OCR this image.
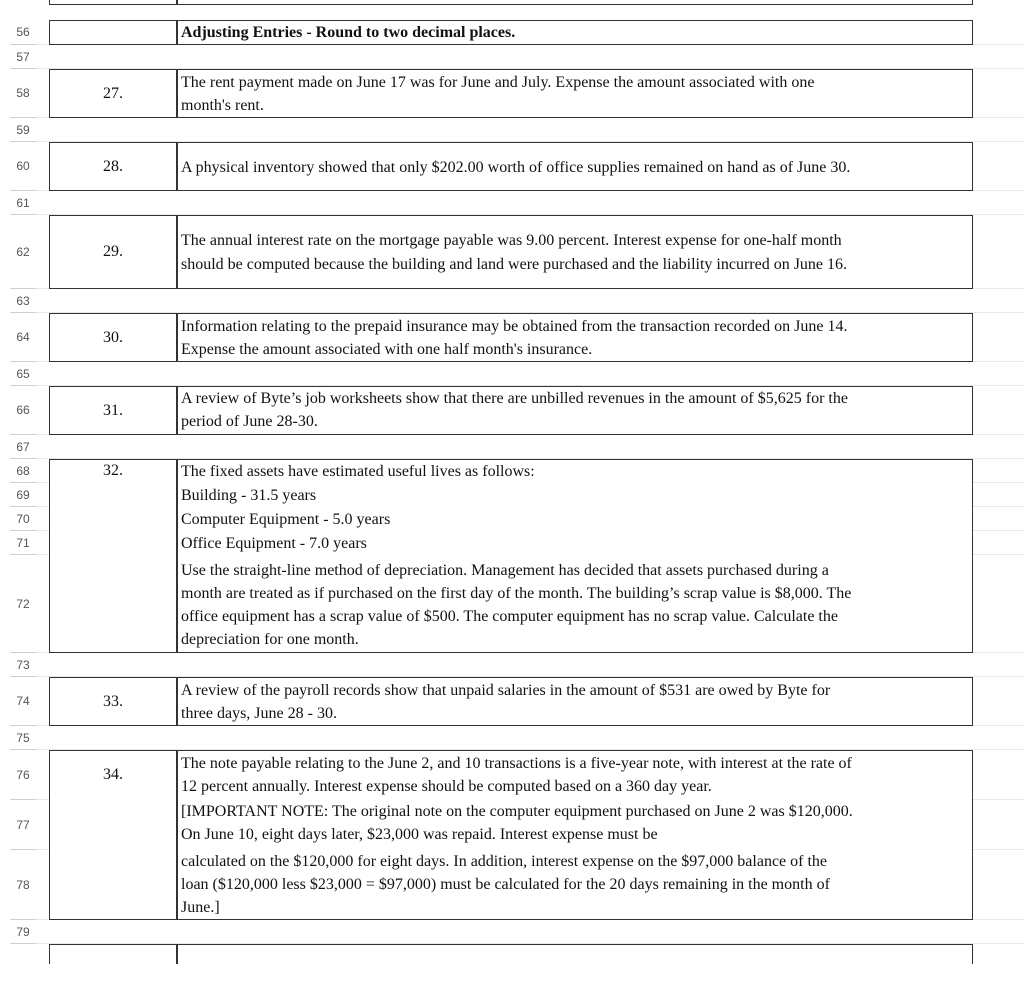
56
57
58
59
60
61
62
63
64
65
66
67
68
69
70
71
72
73
74
75
76
77
78
79
Adjusting Entries - Round to two decimal places.
27.
The rent payment made on June 17 was for June and July. Expense the amount associated with one
month's rent.
28.	A physical inventory showed that only $202.00 worth of office supplies remained on hand as of June 30.
29.
The annual interest rate on the mortgage payable was 9.00 percent. Interest expense for one-half month
should be computed because the building and land were purchased and the liability incurred on June 16.
30.
Information relating to the prepaid insurance may be obtained from the transaction recorded on June 14.
Expense the amount associated with one half month's insurance.
31.
A review of Byte’s job worksheets show that there are unbilled revenues in the amount of $5,625 for the
period of June 28-30.
32.	The fixed assets have estimated useful lives as follows:
Building - 31.5 years
Computer Equipment - 5.0 years
Office Equipment - 7.0 years
Use the straight-line method of depreciation. Management has decided that assets purchased during a
month are treated as if purchased on the first day of the month. The building’s scrap value is $8,000. The
office equipment has a scrap value of $500. The computer equipment has no scrap value. Calculate the
depreciation for one month.
33.
A review of the payroll records show that unpaid salaries in the amount of $531 are owed by Byte for
three days, June 28 - 30.
34.
The note payable relating to the June 2, and 10 transactions is a five-year note, with interest at the rate of
12 percent annually. Interest expense should be computed based on a 360 day year.
[IMPORTANT NOTE: The original note on the computer equipment purchased on June 2 was $120,000.
On June 10, eight days later, $23,000 was repaid. Interest expense must be
calculated on the $120,000 for eight days. In addition, interest expense on the $97,000 balance of the
loan ($120,000 less $23,000 = $97,000) must be calculated for the 20 days remaining in the month of
June.]
